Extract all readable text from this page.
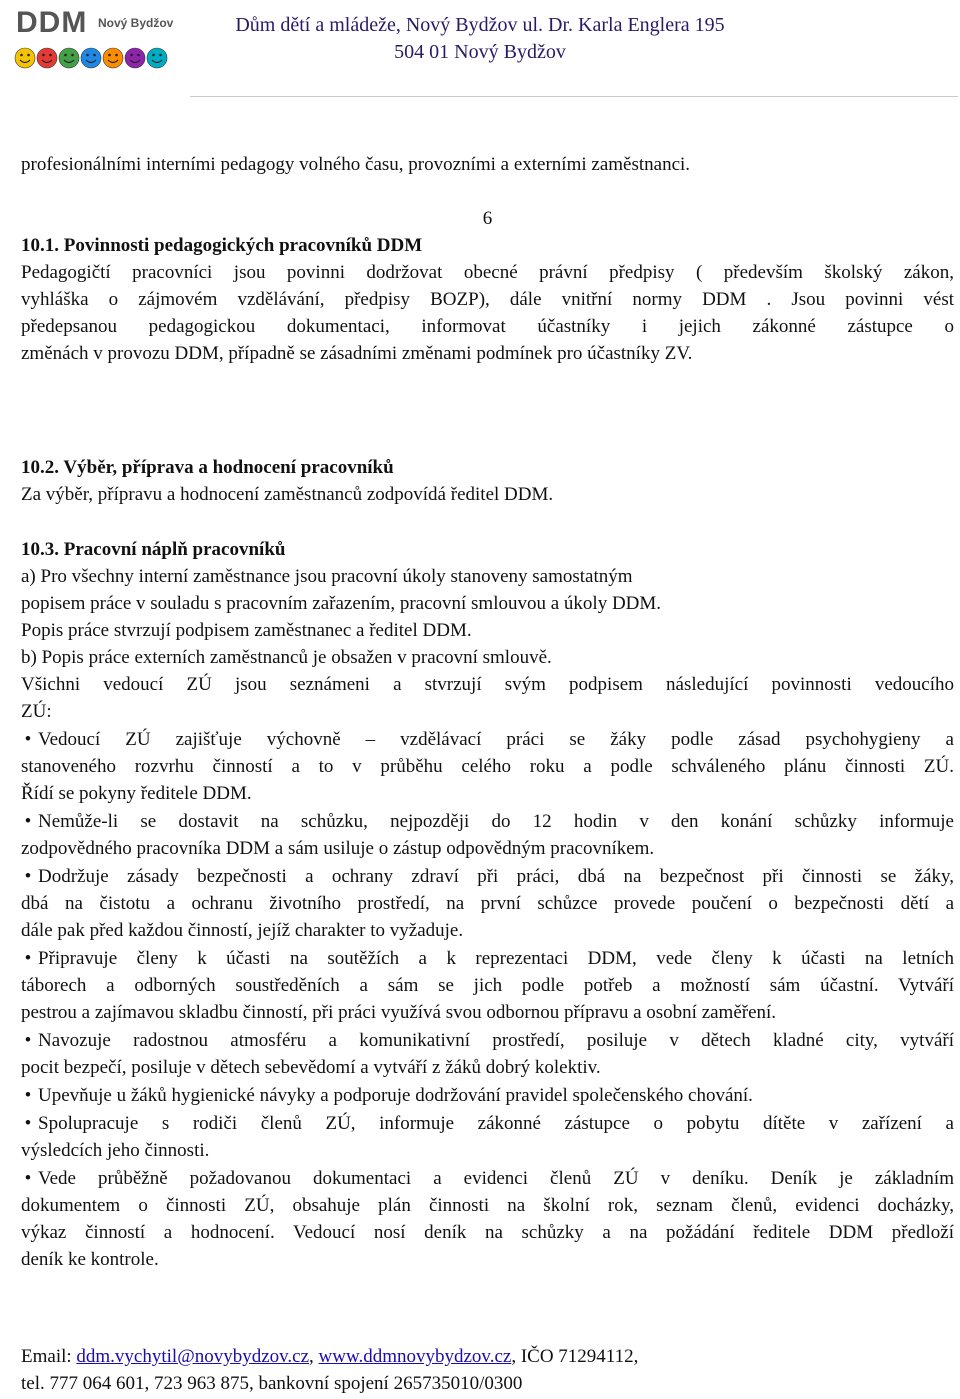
DDM Nový Bydžov	Dům dětí a mládeže, Nový Bydžov ul. Dr. Karla Englera 195
504 01 Nový Bydžov
profesionálními interními pedagogy volného času, provozními a externími zaměstnanci.
6
10.1. Povinnosti pedagogických pracovníků DDM
Pedagogičtí pracovníci jsou povinni dodržovat obecné právní předpisy ( především školský zákon,
vyhláška o zájmovém vzdělávání, předpisy BOZP), dále vnitřní normy DDM . Jsou povinni vést
předepsanou pedagogickou dokumentaci, informovat účastníky i jejich zákonné zástupce o
změnách v provozu DDM, případně se zásadními změnami podmínek pro účastníky ZV.
10.2. Výběr, příprava a hodnocení pracovníků
Za výběr, přípravu a hodnocení zaměstnanců zodpovídá ředitel DDM.
10.3. Pracovní náplň pracovníků
a) Pro všechny interní zaměstnance jsou pracovní úkoly stanoveny samostatným
popisem práce v souladu s pracovním zařazením, pracovní smlouvou a úkoly DDM.
Popis práce stvrzují podpisem zaměstnanec a ředitel DDM.
b) Popis práce externích zaměstnanců je obsažen v pracovní smlouvě.
Všichni vedoucí ZÚ jsou seznámeni a stvrzují svým podpisem následující povinnosti vedoucího
ZÚ:
• Vedoucí ZÚ zajišťuje výchovně – vzdělávací práci se žáky podle zásad psychohygieny a
stanoveného rozvrhu činností a to v průběhu celého roku a podle schváleného plánu činnosti ZÚ.
Řídí se pokyny ředitele DDM.
• Nemůže-li se dostavit na schůzku, nejpozději do 12 hodin v den konání schůzky informuje
zodpovědného pracovníka DDM a sám usiluje o zástup odpovědným pracovníkem.
• Dodržuje zásady bezpečnosti a ochrany zdraví při práci, dbá na bezpečnost při činnosti se žáky,
dbá na čistotu a ochranu životního prostředí, na první schůzce provede poučení o bezpečnosti dětí a
dále pak před každou činností, jejíž charakter to vyžaduje.
• Připravuje členy k účasti na soutěžích a k reprezentaci DDM, vede členy k účasti na letních
táborech a odborných soustředěních a sám se jich podle potřeb a možností sám účastní. Vytváří
pestrou a zajímavou skladbu činností, při práci využívá svou odbornou přípravu a osobní zaměření.
• Navozuje radostnou atmosféru a komunikativní prostředí, posiluje v dětech kladné city, vytváří
pocit bezpečí, posiluje v dětech sebevědomí a vytváří z žáků dobrý kolektiv.
• Upevňuje u žáků hygienické návyky a podporuje dodržování pravidel společenského chování.
• Spolupracuje s rodiči členů ZÚ, informuje zákonné zástupce o pobytu dítěte v zařízení a
výsledcích jeho činnosti.
• Vede průběžně požadovanou dokumentaci a evidenci členů ZÚ v deníku. Deník je základním
dokumentem o činnosti ZÚ, obsahuje plán činnosti na školní rok, seznam členů, evidenci docházky,
výkaz činností a hodnocení. Vedoucí nosí deník na schůzky a na požádání ředitele DDM předloží
deník ke kontrole.
Email: ddm.vychytil@novybydzov.cz, www.ddmnovybydzov.cz, IČO 71294112,
tel. 777 064 601, 723 963 875, bankovní spojení 265735010/0300
